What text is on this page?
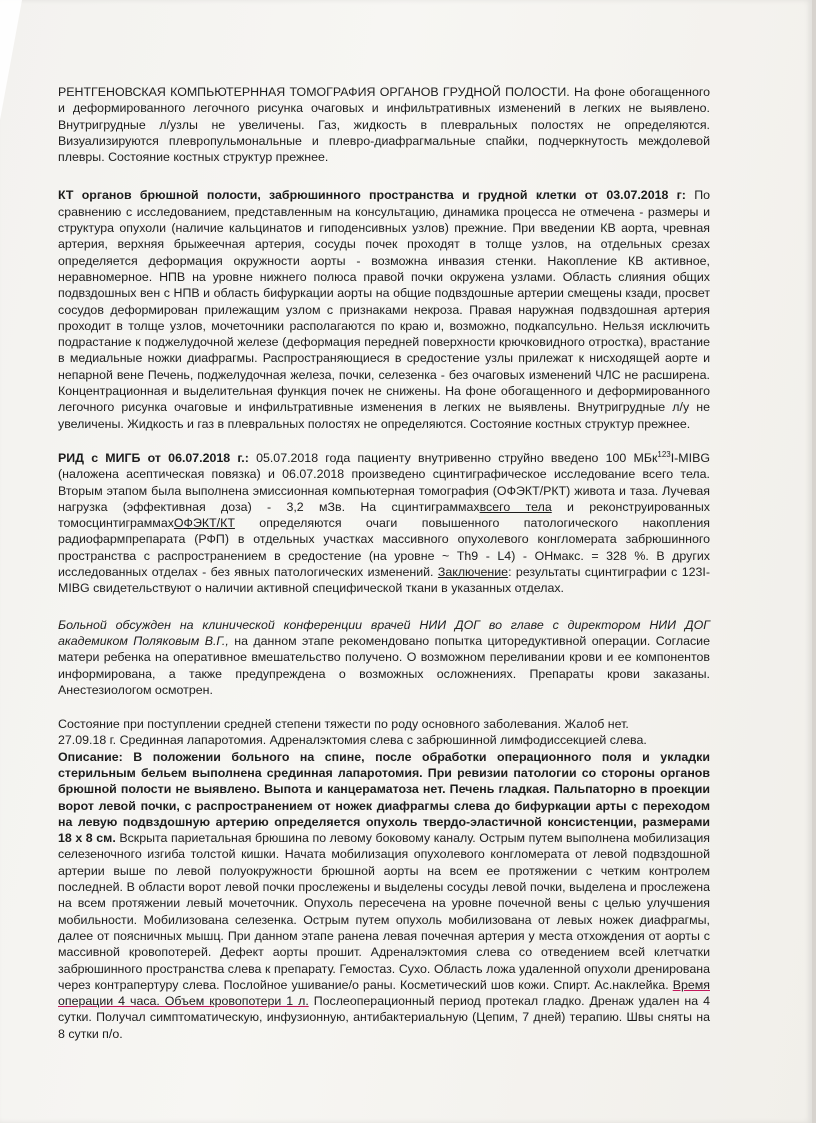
РЕНТГЕНОВСКАЯ КОМПЬЮТЕРННАЯ ТОМОГРАФИЯ ОРГАНОВ ГРУДНОЙ ПОЛОСТИ. На фоне обогащенного и деформированного легочного рисунка очаговых и инфильтративных изменений в легких не выявлено. Внутригрудные л/узлы не увеличены. Газ, жидкость в плевральных полостях не определяются. Визуализируются плевропульмональные и плевро-диафрагмальные спайки, подчеркнутость междолевой плевры. Состояние костных структур прежнее.

КТ органов брюшной полости, забрюшинного пространства и грудной клетки от 03.07.2018 г: По сравнению с исследованием, представленным на консультацию, динамика процесса не отмечена - размеры и структура опухоли (наличие кальцинатов и гиподенсивных узлов) прежние. При введении КВ аорта, чревная артерия, верхняя брыжеечная артерия, сосуды почек проходят в толще узлов, на отдельных срезах определяется деформация окружности аорты - возможна инвазия стенки. Накопление КВ активное, неравномерное. НПВ на уровне нижнего полюса правой почки окружена узлами. Область слияния общих подвздошных вен с НПВ и область бифуркации аорты на общие подвздошные артерии смещены кзади, просвет сосудов деформирован прилежащим узлом с признаками некроза. Правая наружная подвздошная артерия проходит в толще узлов, мочеточники располагаются по краю и, возможно, подкапсульно. Нельзя исключить подрастание к поджелудочной железе (деформация передней поверхности крючковидного отростка), врастание в медиальные ножки диафрагмы. Распространяющиеся в средостение узлы прилежат к нисходящей аорте и непарной вене Печень, поджелудочная железа, почки, селезенка - без очаговых изменений ЧЛС не расширена. Концентрационная и выделительная функция почек не снижены. На фоне обогащенного и деформированного легочного рисунка очаговые и инфильтративные изменения в легких не выявлены. Внутригрудные л/у не увеличены. Жидкость и газ в плевральных полостях не определяются. Состояние костных структур прежнее.

РИД с МИГБ от 06.07.2018 г.: 05.07.2018 года пациенту внутривенно струйно введено 100 МБк$^{123}$I-MIBG (наложена асептическая повязка) и 06.07.2018 произведено сцинтиграфическое исследование всего тела. Вторым этапом была выполнена эмиссионная компьютерная томография (ОФЭКТ/РКТ) живота и таза. Лучевая нагрузка (эффективная доза) - 3,2 мЗв. На сцинтиграммахвсего тела и реконструированных томосцинтиграммахОФЭКТ/КТ определяются очаги повышенного патологического накопления радиофармпрепарата (РФП) в отдельных участках массивного опухолевого конгломерата забрюшинного пространства с распространением в средостение (на уровне ~ Th9 - L4) - ОНмакс. = 328 %. В других исследованных отделах - без явных патологических изменений. Заключение: результаты сцинтиграфии с 123I-MIBG свидетельствуют о наличии активной специфической ткани в указанных отделах.

Больной обсужден на клинической конференции врачей НИИ ДОГ во главе с директором НИИ ДОГ академиком Поляковым В.Г., на данном этапе рекомендовано попытка циторедуктивной операции. Согласие матери ребенка на оперативное вмешательство получено. О возможном переливании крови и ее компонентов информирована, а также предупреждена о возможных осложнениях. Препараты крови заказаны. Анестезиологом осмотрен.

Состояние при поступлении средней степени тяжести по роду основного заболевания. Жалоб нет.
27.09.18 г. Срединная лапаротомия. Адреналэктомия слева с забрюшинной лимфодиссекцией слева.
Описание: В положении больного на спине, после обработки операционного поля и укладки стерильным бельем выполнена срединная лапаротомия. При ревизии патологии со стороны органов брюшной полости не выявлено. Выпота и канцераматоза нет. Печень гладкая. Пальпаторно в проекции ворот левой почки, с распространением от ножек диафрагмы слева до бифуркации арты с переходом на левую подвздошную артерию определяется опухоль твердо-эластичной консистенции, размерами 18 х 8 см. Вскрыта париетальная брюшина по левому боковому каналу. Острым путем выполнена мобилизация селезеночного изгиба толстой кишки. Начата мобилизация опухолевого конгломерата от левой подвздошной артерии выше по левой полуокружности брюшной аорты на всем ее протяжении с четким контролем последней. В области ворот левой почки прослежены и выделены сосуды левой почки, выделена и прослежена на всем протяжении левый мочеточник. Опухоль пересечена на уровне почечной вены с целью улучшения мобильности. Мобилизована селезенка. Острым путем опухоль мобилизована от левых ножек диафрагмы, далее от поясничных мышц. При данном этапе ранена левая почечная артерия у места отхождения от аорты с массивной кровопотерей. Дефект аорты прошит. Адреналэктомия слева со отведением всей клетчатки забрюшинного пространства слева к препарату. Гемостаз. Сухо. Область ложа удаленной опухоли дренирована через контрапертуру слева. Послойное ушивание/о раны. Косметический шов кожи. Спирт. Ас.наклейка. Время операции 4 часа. Объем кровопотери 1 л. Послеоперационный период протекал гладко. Дренаж удален на 4 сутки. Получал симптоматическую, инфузионную, антибактериальную (Цепим, 7 дней) терапию. Швы сняты на 8 сутки п/о.
